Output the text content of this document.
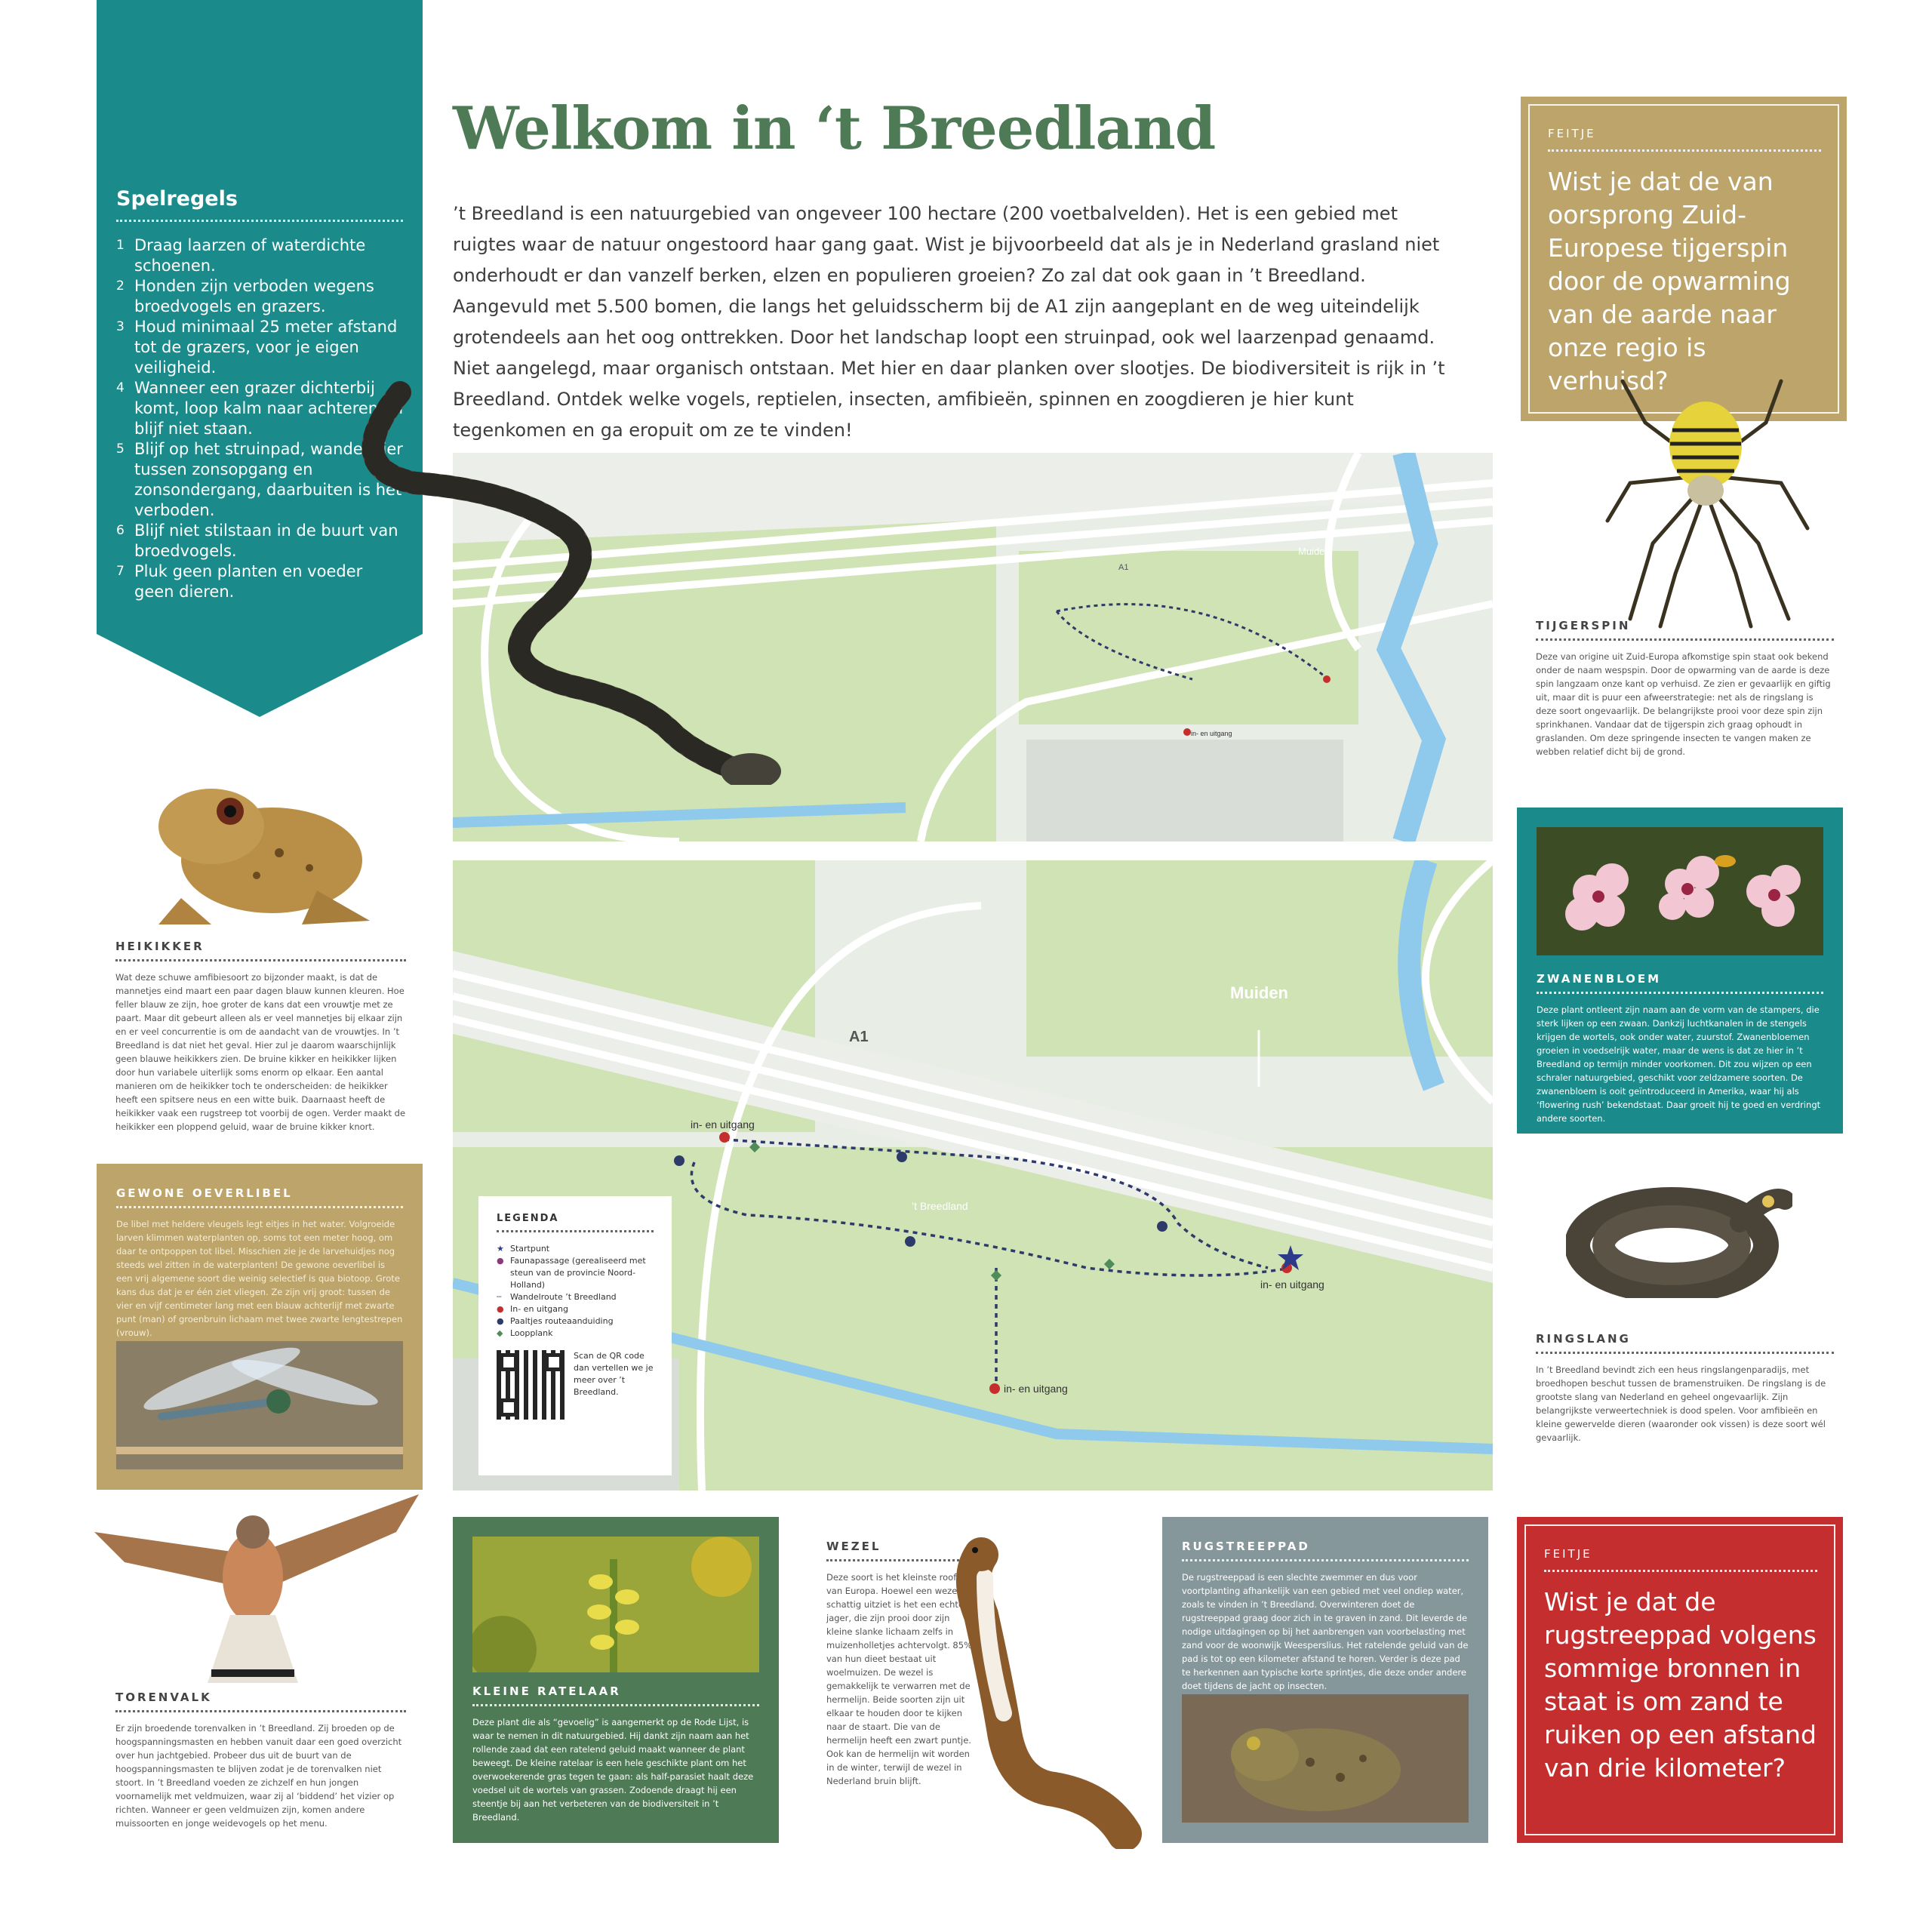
Spelregels
1 Draag laarzen of waterdichte schoenen.
2 Honden zijn verboden wegens broedvogels en grazers.
3 Houd minimaal 25 meter afstand tot de grazers, voor je eigen veiligheid.
4 Wanneer een grazer dichterbij komt, loop kalm naar achteren en blijf niet staan.
5 Blijf op het struinpad, wandel hier tussen zonsopgang en zonsondergang, daarbuiten is het verboden.
6 Blijf niet stilstaan in de buurt van broedvogels.
7 Pluk geen planten en voeder geen dieren.
Welkom in ‘t Breedland
’t Breedland is een natuurgebied van ongeveer 100 hectare (200 voetbalvelden). Het is een gebied met ruigtes waar de natuur ongestoord haar gang gaat. Wist je bijvoorbeeld dat als je in Nederland grasland niet onderhoudt er dan vanzelf berken, elzen en populieren groeien? Zo zal dat ook gaan in ’t Breedland. Aangevuld met 5.500 bomen, die langs het geluidsscherm bij de A1 zijn aangeplant en de weg uiteindelijk grotendeels aan het oog onttrekken. Door het landschap loopt een struinpad, ook wel laarzenpad genaamd. Niet aangelegd, maar organisch ontstaan. Met hier en daar planken over slootjes. De biodiversiteit is rijk in ’t Breedland. Ontdek welke vogels, reptielen, insecten, amfibieën, spinnen en zoogdieren je hier kunt tegenkomen en ga eropuit om ze te vinden!
FEITJE
Wist je dat de van oorsprong Zuid-Europese tijgerspin door de opwarming van de aarde naar onze regio is verhuisd?
TIJGERSPIN
Deze van origine uit Zuid-Europa afkomstige spin staat ook bekend onder de naam wespspin. Door de opwarming van de aarde is deze spin langzaam onze kant op verhuisd. Ze zien er gevaarlijk en giftig uit, maar dit is puur een afweerstrategie: net als de ringslang is deze soort ongevaarlijk. De belangrijkste prooi voor deze spin zijn sprinkhanen. Vandaar dat de tijgerspin zich graag ophoudt in graslanden. Om deze springende insecten te vangen maken ze webben relatief dicht bij de grond.
ZWANENBLOEM
Deze plant ontleent zijn naam aan de vorm van de stampers, die sterk lijken op een zwaan. Dankzij luchtkanalen in de stengels krijgen de wortels, ook onder water, zuurstof. Zwanenbloemen groeien in voedselrijk water, maar de wens is dat ze hier in ’t Breedland op termijn minder voorkomen. Dit zou wijzen op een schraler natuurgebied, geschikt voor zeldzamere soorten. De zwanenbloem is ooit geïntroduceerd in Amerika, waar hij als ‘flowering rush’ bekendstaat. Daar groeit hij te goed en verdringt andere soorten.
RINGSLANG
In ’t Breedland bevindt zich een heus ringslangenparadijs, met broedhopen beschut tussen de bramenstruiken. De ringslang is de grootste slang van Nederland en geheel ongevaarlijk. Zijn belangrijkste verweertechniek is dood spelen. Voor amfibieën en kleine gewervelde dieren (waaronder ook vissen) is deze soort wél gevaarlijk.
FEITJE
Wist je dat de rugstreeppad volgens sommige bronnen in staat is om zand te ruiken op een afstand van drie kilometer?
HEIKIKKER
Wat deze schuwe amfibiesoort zo bijzonder maakt, is dat de mannetjes eind maart een paar dagen blauw kunnen kleuren. Hoe feller blauw ze zijn, hoe groter de kans dat een vrouwtje met ze paart. Maar dit gebeurt alleen als er veel mannetjes bij elkaar zijn en er veel concurrentie is om de aandacht van de vrouwtjes. In ’t Breedland is dat niet het geval. Hier zul je daarom waarschijnlijk geen blauwe heikikkers zien. De bruine kikker en heikikker lijken door hun variabele uiterlijk soms enorm op elkaar. Een aantal manieren om de heikikker toch te onderscheiden: de heikikker heeft een spitsere neus en een witte buik. Daarnaast heeft de heikikker vaak een rugstreep tot voorbij de ogen. Verder maakt de heikikker een ploppend geluid, waar de bruine kikker knort.
GEWONE OEVERLIBEL
De libel met heldere vleugels legt eitjes in het water. Volgroeide larven klimmen waterplanten op, soms tot een meter hoog, om daar te ontpoppen tot libel. Misschien zie je de larvehuidjes nog steeds wel zitten in de waterplanten! De gewone oeverlibel is een vrij algemene soort die weinig selectief is qua biotoop. Grote kans dus dat je er één ziet vliegen. Ze zijn vrij groot: tussen de vier en vijf centimeter lang met een blauw achterlijf met zwarte punt (man) of groenbruin lichaam met twee zwarte lengtestrepen (vrouw).
TORENVALK
Er zijn broedende torenvalken in ’t Breedland. Zij broeden op de hoogspanningsmasten en hebben vanuit daar een goed overzicht over hun jachtgebied. Probeer dus uit de buurt van de hoogspanningsmasten te blijven zodat je de torenvalken niet stoort. In ’t Breedland voeden ze zichzelf en hun jongen voornamelijk met veldmuizen, waar zij al ‘biddend’ het vizier op richten. Wanneer er geen veldmuizen zijn, komen andere muissoorten en jonge weidevogels op het menu.
KLEINE RATELAAR
Deze plant die als “gevoelig” is aangemerkt op de Rode Lijst, is waar te nemen in dit natuurgebied. Hij dankt zijn naam aan het rollende zaad dat een ratelend geluid maakt wanneer de plant beweegt. De kleine ratelaar is een hele geschikte plant om het overwoekerende gras tegen te gaan: als half-parasiet haalt deze voedsel uit de wortels van grassen. Zodoende draagt hij een steentje bij aan het verbeteren van de biodiversiteit in ’t Breedland.
WEZEL
Deze soort is het kleinste roofdier van Europa. Hoewel een wezel er schattig uitziet is het een echte jager, die zijn prooi door zijn kleine slanke lichaam zelfs in muizenholletjes achtervolgt. 85% van hun dieet bestaat uit woelmuizen. De wezel is gemakkelijk te verwarren met de hermelijn. Beide soorten zijn uit elkaar te houden door te kijken naar de staart. Die van de hermelijn heeft een zwart puntje. Ook kan de hermelijn wit worden in de winter, terwijl de wezel in Nederland bruin blijft.
RUGSTREEPPAD
De rugstreeppad is een slechte zwemmer en dus voor voortplanting afhankelijk van een gebied met veel ondiep water, zoals te vinden in ’t Breedland. Overwinteren doet de rugstreeppad graag door zich in te graven in zand. Dit leverde de nodige uitdagingen op bij het aanbrengen van voorbelasting met zand voor de woonwijk Weesperslius. Het ratelende geluid van de pad is tot op een kilometer afstand te horen. Verder is deze pad te herkennen aan typische korte sprintjes, die deze onder andere doet tijdens de jacht op insecten.
Muiden
A1
in- en uitgang
Muiden
A1
’t Breedland
in- en uitgang
in- en uitgang
in- en uitgang
LEGENDA
★ Startpunt
● Faunapassage (gerealiseerd met steun van de provincie Noord-Holland)
┄	Wandelroute ’t Breedland
● In- en uitgang
● Paaltjes routeaanduiding
◆ Loopplank
Scan de QR code dan vertellen we je meer over ’t Breedland.
